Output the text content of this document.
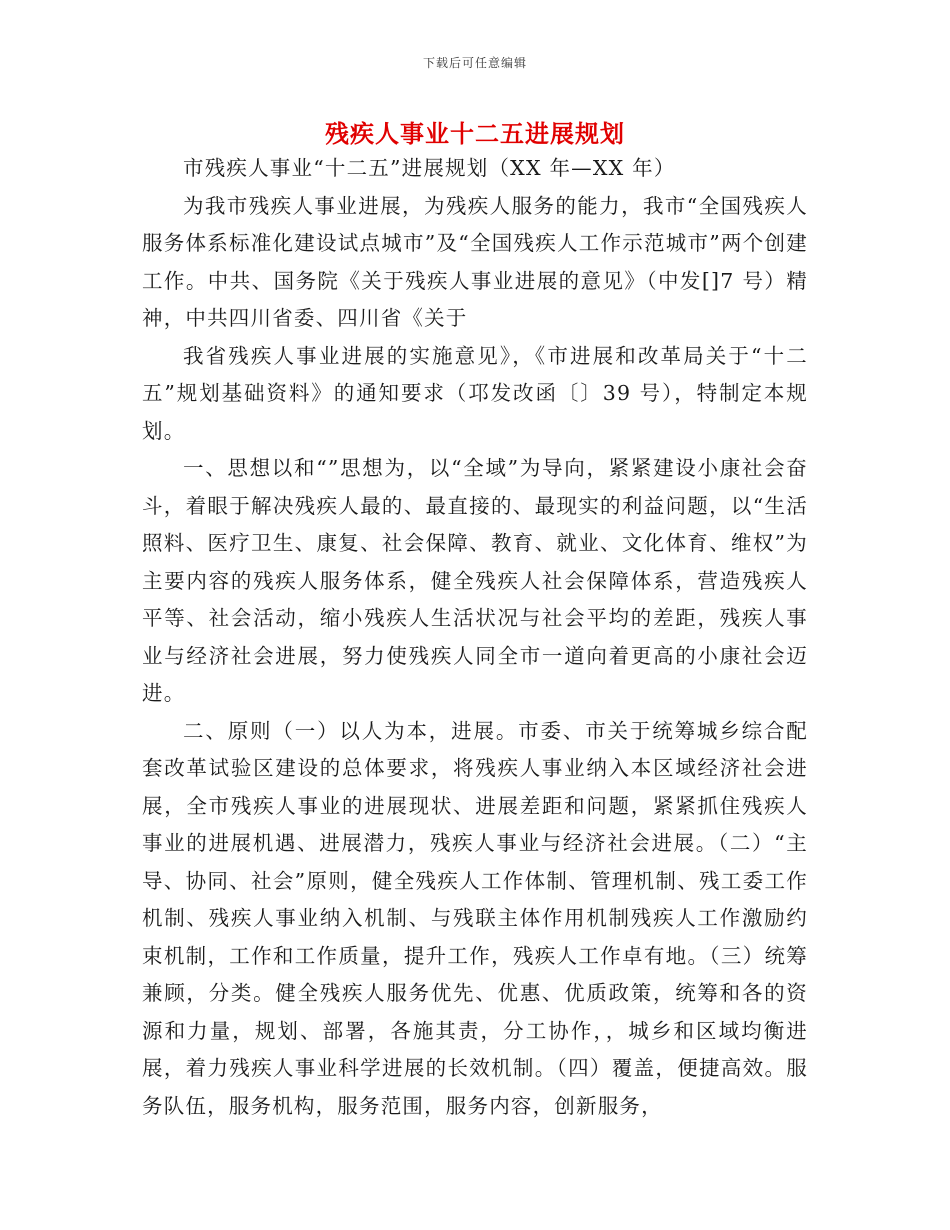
下载后可任意编辑
残疾人事业十二五进展规划

市残疾人事业“十二五”进展规划（XX 年—XX 年）

为我市残疾人事业进展，为残疾人服务的能力，我市“全国残疾人服务体系标准化建设试点城市”及“全国残疾人工作示范城市”两个创建工作。中共、国务院《关于残疾人事业进展的意见》（中发[]7 号）精神，中共四川省委、四川省《关于

我省残疾人事业进展的实施意见》，《市进展和改革局关于“十二五”规划基础资料》的通知要求（邛发改函〔〕39 号），特制定本规划。

一、思想以和“”思想为，以“全域”为导向，紧紧建设小康社会奋斗，着眼于解决残疾人最的、最直接的、最现实的利益问题，以“生活照料、医疗卫生、康复、社会保障、教育、就业、文化体育、维权”为主要内容的残疾人服务体系，健全残疾人社会保障体系，营造残疾人平等、社会活动，缩小残疾人生活状况与社会平均的差距，残疾人事业与经济社会进展，努力使残疾人同全市一道向着更高的小康社会迈进。

二、原则（一）以人为本，进展。市委、市关于统筹城乡综合配套改革试验区建设的总体要求，将残疾人事业纳入本区域经济社会进展，全市残疾人事业的进展现状、进展差距和问题，紧紧抓住残疾人事业的进展机遇、进展潜力，残疾人事业与经济社会进展。（二）“主导、协同、社会”原则，健全残疾人工作体制、管理机制、残工委工作机制、残疾人事业纳入机制、与残联主体作用机制残疾人工作激励约束机制，工作和工作质量，提升工作，残疾人工作卓有地。（三）统筹兼顾，分类。健全残疾人服务优先、优惠、优质政策，统筹和各的资源和力量，规划、部署，各施其责，分工协作，，城乡和区域均衡进展，着力残疾人事业科学进展的长效机制。（四）覆盖，便捷高效。服务队伍，服务机构，服务范围，服务内容，创新服务，
